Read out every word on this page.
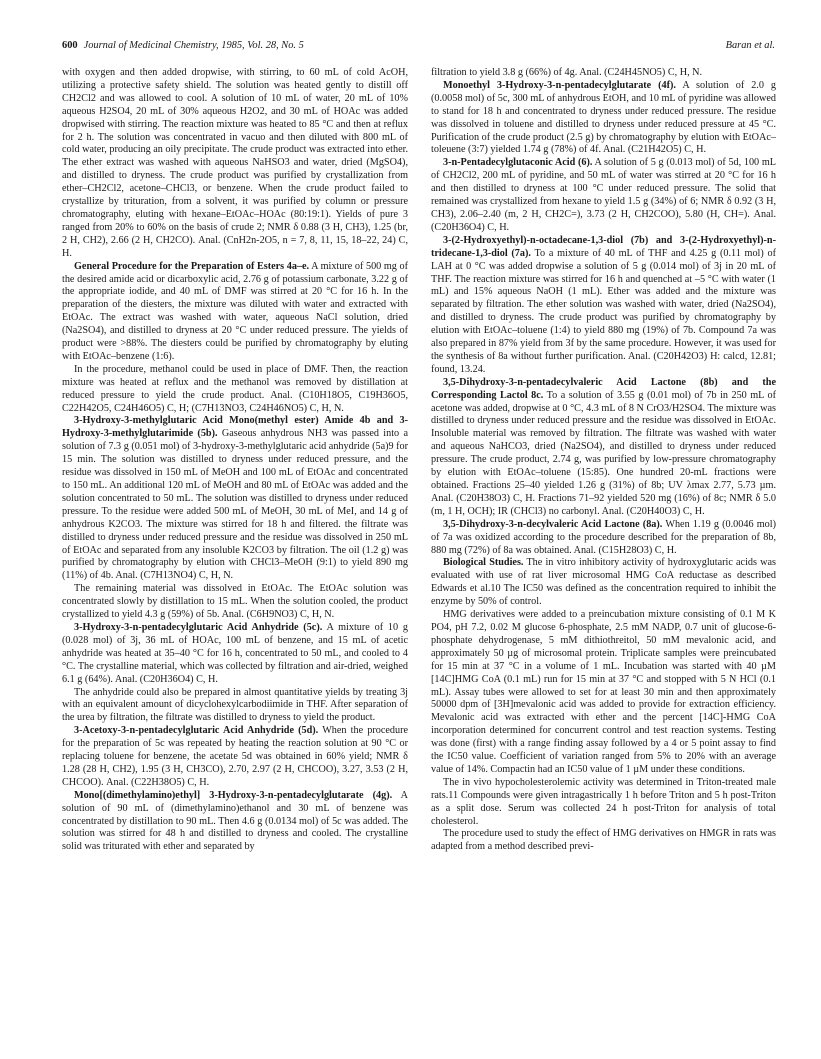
600 Journal of Medicinal Chemistry, 1985, Vol. 28, No. 5	Baran et al.

with oxygen and then added dropwise, with stirring, to 60 mL of cold AcOH, utilizing a protective safety shield. The solution was heated gently to distill off CH2Cl2 and was allowed to cool. A solution of 10 mL of water, 20 mL of 10% aqueous H2SO4, 20 mL of 30% aqueous H2O2, and 30 mL of HOAc was added dropwised with stirring. The reaction mixture was heated to 85 °C and then at reflux for 2 h. The solution was concentrated in vacuo and then diluted with 800 mL of cold water, producing an oily precipitate. The crude product was extracted into ether. The ether extract was washed with aqueous NaHSO3 and water, dried (MgSO4), and distilled to dryness. The crude product was purified by crystallization from ether–CH2Cl2, acetone–CHCl3, or benzene. When the crude product failed to crystallize by trituration, from a solvent, it was purified by column or pressure chromatography, eluting with hexane–EtOAc–HOAc (80:19:1). Yields of pure 3 ranged from 20% to 60% on the basis of crude 2; NMR δ 0.88 (3 H, CH3), 1.25 (br, 2 H, CH2), 2.66 (2 H, CH2CO). Anal. (CnH2n-2O5, n = 7, 8, 11, 15, 18–22, 24) C, H.

General Procedure for the Preparation of Esters 4a–e. A mixture of 500 mg of the desired amide acid or dicarboxylic acid, 2.76 g of potassium carbonate, 3.22 g of the appropriate iodide, and 40 mL of DMF was stirred at 20 °C for 16 h. In the preparation of the diesters, the mixture was diluted with water and extracted with EtOAc. The extract was washed with water, aqueous NaCl solution, dried (Na2SO4), and distilled to dryness at 20 °C under reduced pressure. The yields of product were >88%. The diesters could be purified by chromatography by eluting with EtOAc–benzene (1:6).

In the procedure, methanol could be used in place of DMF. Then, the reaction mixture was heated at reflux and the methanol was removed by distillation at reduced pressure to yield the crude product. Anal. (C10H18O5, C19H36O5, C22H42O5, C24H46O5) C, H; (C7H13NO3, C24H46NO5) C, H, N.

3-Hydroxy-3-methylglutaric Acid Mono(methyl ester) Amide 4b and 3-Hydroxy-3-methylglutarimide (5b). Gaseous anhydrous NH3 was passed into a solution of 7.3 g (0.051 mol) of 3-hydroxy-3-methylglutaric acid anhydride (5a)9 for 15 min. The solution was distilled to dryness under reduced pressure, and the residue was dissolved in 150 mL of MeOH and 100 mL of EtOAc and concentrated to 150 mL. An additional 120 mL of MeOH and 80 mL of EtOAc was added and the solution concentrated to 50 mL. The solution was distilled to dryness under reduced pressure. To the residue were added 500 mL of MeOH, 30 mL of MeI, and 14 g of anhydrous K2CO3. The mixture was stirred for 18 h and filtered. the filtrate was distilled to dryness under reduced pressure and the residue was dissolved in 250 mL of EtOAc and separated from any insoluble K2CO3 by filtration. The oil (1.2 g) was purified by chromatography by elution with CHCl3–MeOH (9:1) to yield 890 mg (11%) of 4b. Anal. (C7H13NO4) C, H, N.

The remaining material was dissolved in EtOAc. The EtOAc solution was concentrated slowly by distillation to 15 mL. When the solution cooled, the product crystallized to yield 4.3 g (59%) of 5b. Anal. (C6H9NO3) C, H, N.

3-Hydroxy-3-n-pentadecylglutaric Acid Anhydride (5c). A mixture of 10 g (0.028 mol) of 3j, 36 mL of HOAc, 100 mL of benzene, and 15 mL of acetic anhydride was heated at 35–40 °C for 16 h, concentrated to 50 mL, and cooled to 4 °C. The crystalline material, which was collected by filtration and air-dried, weighed 6.1 g (64%). Anal. (C20H36O4) C, H.

The anhydride could also be prepared in almost quantitative yields by treating 3j with an equivalent amount of dicyclohexylcarbodiimide in THF. After separation of the urea by filtration, the filtrate was distilled to dryness to yield the product.

3-Acetoxy-3-n-pentadecylglutaric Acid Anhydride (5d). When the procedure for the preparation of 5c was repeated by heating the reaction solution at 90 °C or replacing toluene for benzene, the acetate 5d was obtained in 60% yield; NMR δ 1.28 (28 H, CH2), 1.95 (3 H, CH3CO), 2.70, 2.97 (2 H, CHCOO), 3.27, 3.53 (2 H, CHCOO). Anal. (C22H38O5) C, H.

Mono[(dimethylamino)ethyl] 3-Hydroxy-3-n-pentadecylglutarate (4g). A solution of 90 mL of (dimethylamino)ethanol and 30 mL of benzene was concentrated by distillation to 90 mL. Then 4.6 g (0.0134 mol) of 5c was added. The solution was stirred for 48 h and distilled to dryness and cooled. The crystalline solid was triturated with ether and separated by

filtration to yield 3.8 g (66%) of 4g. Anal. (C24H45NO5) C, H, N.

Monoethyl 3-Hydroxy-3-n-pentadecylglutarate (4f). A solution of 2.0 g (0.0058 mol) of 5c, 300 mL of anhydrous EtOH, and 10 mL of pyridine was allowed to stand for 18 h and concentrated to dryness under reduced pressure. The residue was dissolved in toluene and distilled to dryness under reduced pressure at 45 °C. Purification of the crude product (2.5 g) by chromatography by elution with EtOAc–toleuene (3:7) yielded 1.74 g (78%) of 4f. Anal. (C21H42O5) C, H.

3-n-Pentadecylglutaconic Acid (6). A solution of 5 g (0.013 mol) of 5d, 100 mL of CH2Cl2, 200 mL of pyridine, and 50 mL of water was stirred at 20 °C for 16 h and then distilled to dryness at 100 °C under reduced pressure. The solid that remained was crystallized from hexane to yield 1.5 g (34%) of 6; NMR δ 0.92 (3 H, CH3), 2.06–2.40 (m, 2 H, CH2C=), 3.73 (2 H, CH2COO), 5.80 (H, CH=). Anal. (C20H36O4) C, H.

3-(2-Hydroxyethyl)-n-octadecane-1,3-diol (7b) and 3-(2-Hydroxyethyl)-n-tridecane-1,3-diol (7a). To a mixture of 40 mL of THF and 4.25 g (0.11 mol) of LAH at 0 °C was added dropwise a solution of 5 g (0.014 mol) of 3j in 20 mL of THF. The reaction mixture was stirred for 16 h and quenched at –5 °C with water (1 mL) and 15% aqueous NaOH (1 mL). Ether was added and the mixture was separated by filtration. The ether solution was washed with water, dried (Na2SO4), and distilled to dryness. The crude product was purified by chromatography by elution with EtOAc–toluene (1:4) to yield 880 mg (19%) of 7b. Compound 7a was also prepared in 87% yield from 3f by the same procedure. However, it was used for the synthesis of 8a without further purification. Anal. (C20H42O3) H: calcd, 12.81; found, 13.24.

3,5-Dihydroxy-3-n-pentadecylvaleric Acid Lactone (8b) and the Corresponding Lactol 8c. To a solution of 3.55 g (0.01 mol) of 7b in 250 mL of acetone was added, dropwise at 0 °C, 4.3 mL of 8 N CrO3/H2SO4. The mixture was distilled to dryness under reduced pressure and the residue was dissolved in EtOAc. Insoluble material was removed by filtration. The filtrate was washed with water and aqueous NaHCO3, dried (Na2SO4), and distilled to dryness under reduced pressure. The crude product, 2.74 g, was purified by low-pressure chromatography by elution with EtOAc–toluene (15:85). One hundred 20-mL fractions were obtained. Fractions 25–40 yielded 1.26 g (31%) of 8b; UV λmax 2.77, 5.73 µm. Anal. (C20H38O3) C, H. Fractions 71–92 yielded 520 mg (16%) of 8c; NMR δ 5.0 (m, 1 H, OCH); IR (CHCl3) no carbonyl. Anal. (C20H40O3) C, H.

3,5-Dihydroxy-3-n-decylvaleric Acid Lactone (8a). When 1.19 g (0.0046 mol) of 7a was oxidized according to the procedure described for the preparation of 8b, 880 mg (72%) of 8a was obtained. Anal. (C15H28O3) C, H.

Biological Studies. The in vitro inhibitory activity of hydroxyglutaric acids was evaluated with use of rat liver microsomal HMG CoA reductase as described Edwards et al.10 The IC50 was defined as the concentration required to inhibit the enzyme by 50% of control.

HMG derivatives were added to a preincubation mixture consisting of 0.1 M K PO4, pH 7.2, 0.02 M glucose 6-phosphate, 2.5 mM NADP, 0.7 unit of glucose-6-phosphate dehydrogenase, 5 mM dithiothreitol, 50 mM mevalonic acid, and approximately 50 µg of microsomal protein. Triplicate samples were preincubated for 15 min at 37 °C in a volume of 1 mL. Incubation was started with 40 µM [14C]HMG CoA (0.1 mL) run for 15 min at 37 °C and stopped with 5 N HCl (0.1 mL). Assay tubes were allowed to set for at least 30 min and then approximately 50000 dpm of [3H]mevalonic acid was added to provide for extraction efficiency. Mevalonic acid was extracted with ether and the percent [14C]-HMG CoA incorporation determined for concurrent control and test reaction systems. Testing was done (first) with a range finding assay followed by a 4 or 5 point assay to find the IC50 value. Coefficient of variation ranged from 5% to 20% with an average value of 14%. Compactin had an IC50 value of 1 µM under these conditions.

The in vivo hypocholesterolemic activity was determined in Triton-treated male rats.11 Compounds were given intragastrically 1 h before Triton and 5 h post-Triton as a split dose. Serum was collected 24 h post-Triton for analysis of total cholesterol.

The procedure used to study the effect of HMG derivatives on HMGR in rats was adapted from a method described previ-
